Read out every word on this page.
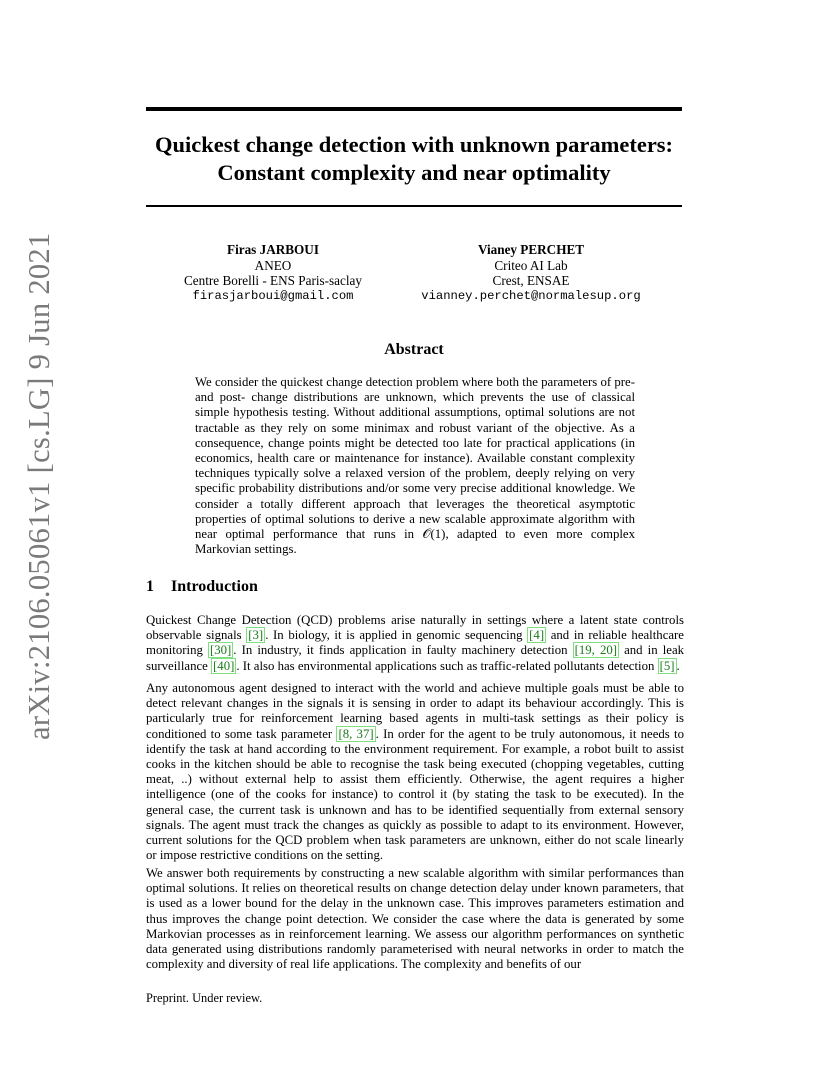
arXiv:2106.05061v1 [cs.LG] 9 Jun 2021
Quickest change detection with unknown parameters:
Constant complexity and near optimality
Firas JARBOUI
ANEO
Centre Borelli - ENS Paris-saclay
firasjarboui@gmail.com
Vianey PERCHET
Criteo AI Lab
Crest, ENSAE
vianney.perchet@normalesup.org
Abstract
We consider the quickest change detection problem where both the parameters of pre- and post- change distributions are unknown, which prevents the use of classical simple hypothesis testing. Without additional assumptions, optimal solutions are not tractable as they rely on some minimax and robust variant of the objective. As a consequence, change points might be detected too late for practical applications (in economics, health care or maintenance for instance). Available constant complexity techniques typically solve a relaxed version of the problem, deeply relying on very specific probability distributions and/or some very precise additional knowledge. We consider a totally different approach that leverages the theoretical asymptotic properties of optimal solutions to derive a new scalable approximate algorithm with near optimal performance that runs in 𝒪(1), adapted to even more complex Markovian settings.
1 Introduction
Quickest Change Detection (QCD) problems arise naturally in settings where a latent state controls observable signals [3] . In biology, it is applied in genomic sequencing [4] and in reliable healthcare monitoring [30] . In industry, it finds application in faulty machinery detection [19, 20] and in leak surveillance [40] . It also has environmental applications such as traffic-related pollutants detection [5] .
Any autonomous agent designed to interact with the world and achieve multiple goals must be able to detect relevant changes in the signals it is sensing in order to adapt its behaviour accordingly. This is particularly true for reinforcement learning based agents in multi-task settings as their policy is conditioned to some task parameter [8, 37] . In order for the agent to be truly autonomous, it needs to identify the task at hand according to the environment requirement. For example, a robot built to assist cooks in the kitchen should be able to recognise the task being executed (chopping vegetables, cutting meat, ..) without external help to assist them efficiently. Otherwise, the agent requires a higher intelligence (one of the cooks for instance) to control it (by stating the task to be executed). In the general case, the current task is unknown and has to be identified sequentially from external sensory signals. The agent must track the changes as quickly as possible to adapt to its environment. However, current solutions for the QCD problem when task parameters are unknown, either do not scale linearly or impose restrictive conditions on the setting.
We answer both requirements by constructing a new scalable algorithm with similar performances than optimal solutions. It relies on theoretical results on change detection delay under known parameters, that is used as a lower bound for the delay in the unknown case. This improves parameters estimation and thus improves the change point detection. We consider the case where the data is generated by some Markovian processes as in reinforcement learning. We assess our algorithm performances on synthetic data generated using distributions randomly parameterised with neural networks in order to match the complexity and diversity of real life applications. The complexity and benefits of our
Preprint. Under review.
